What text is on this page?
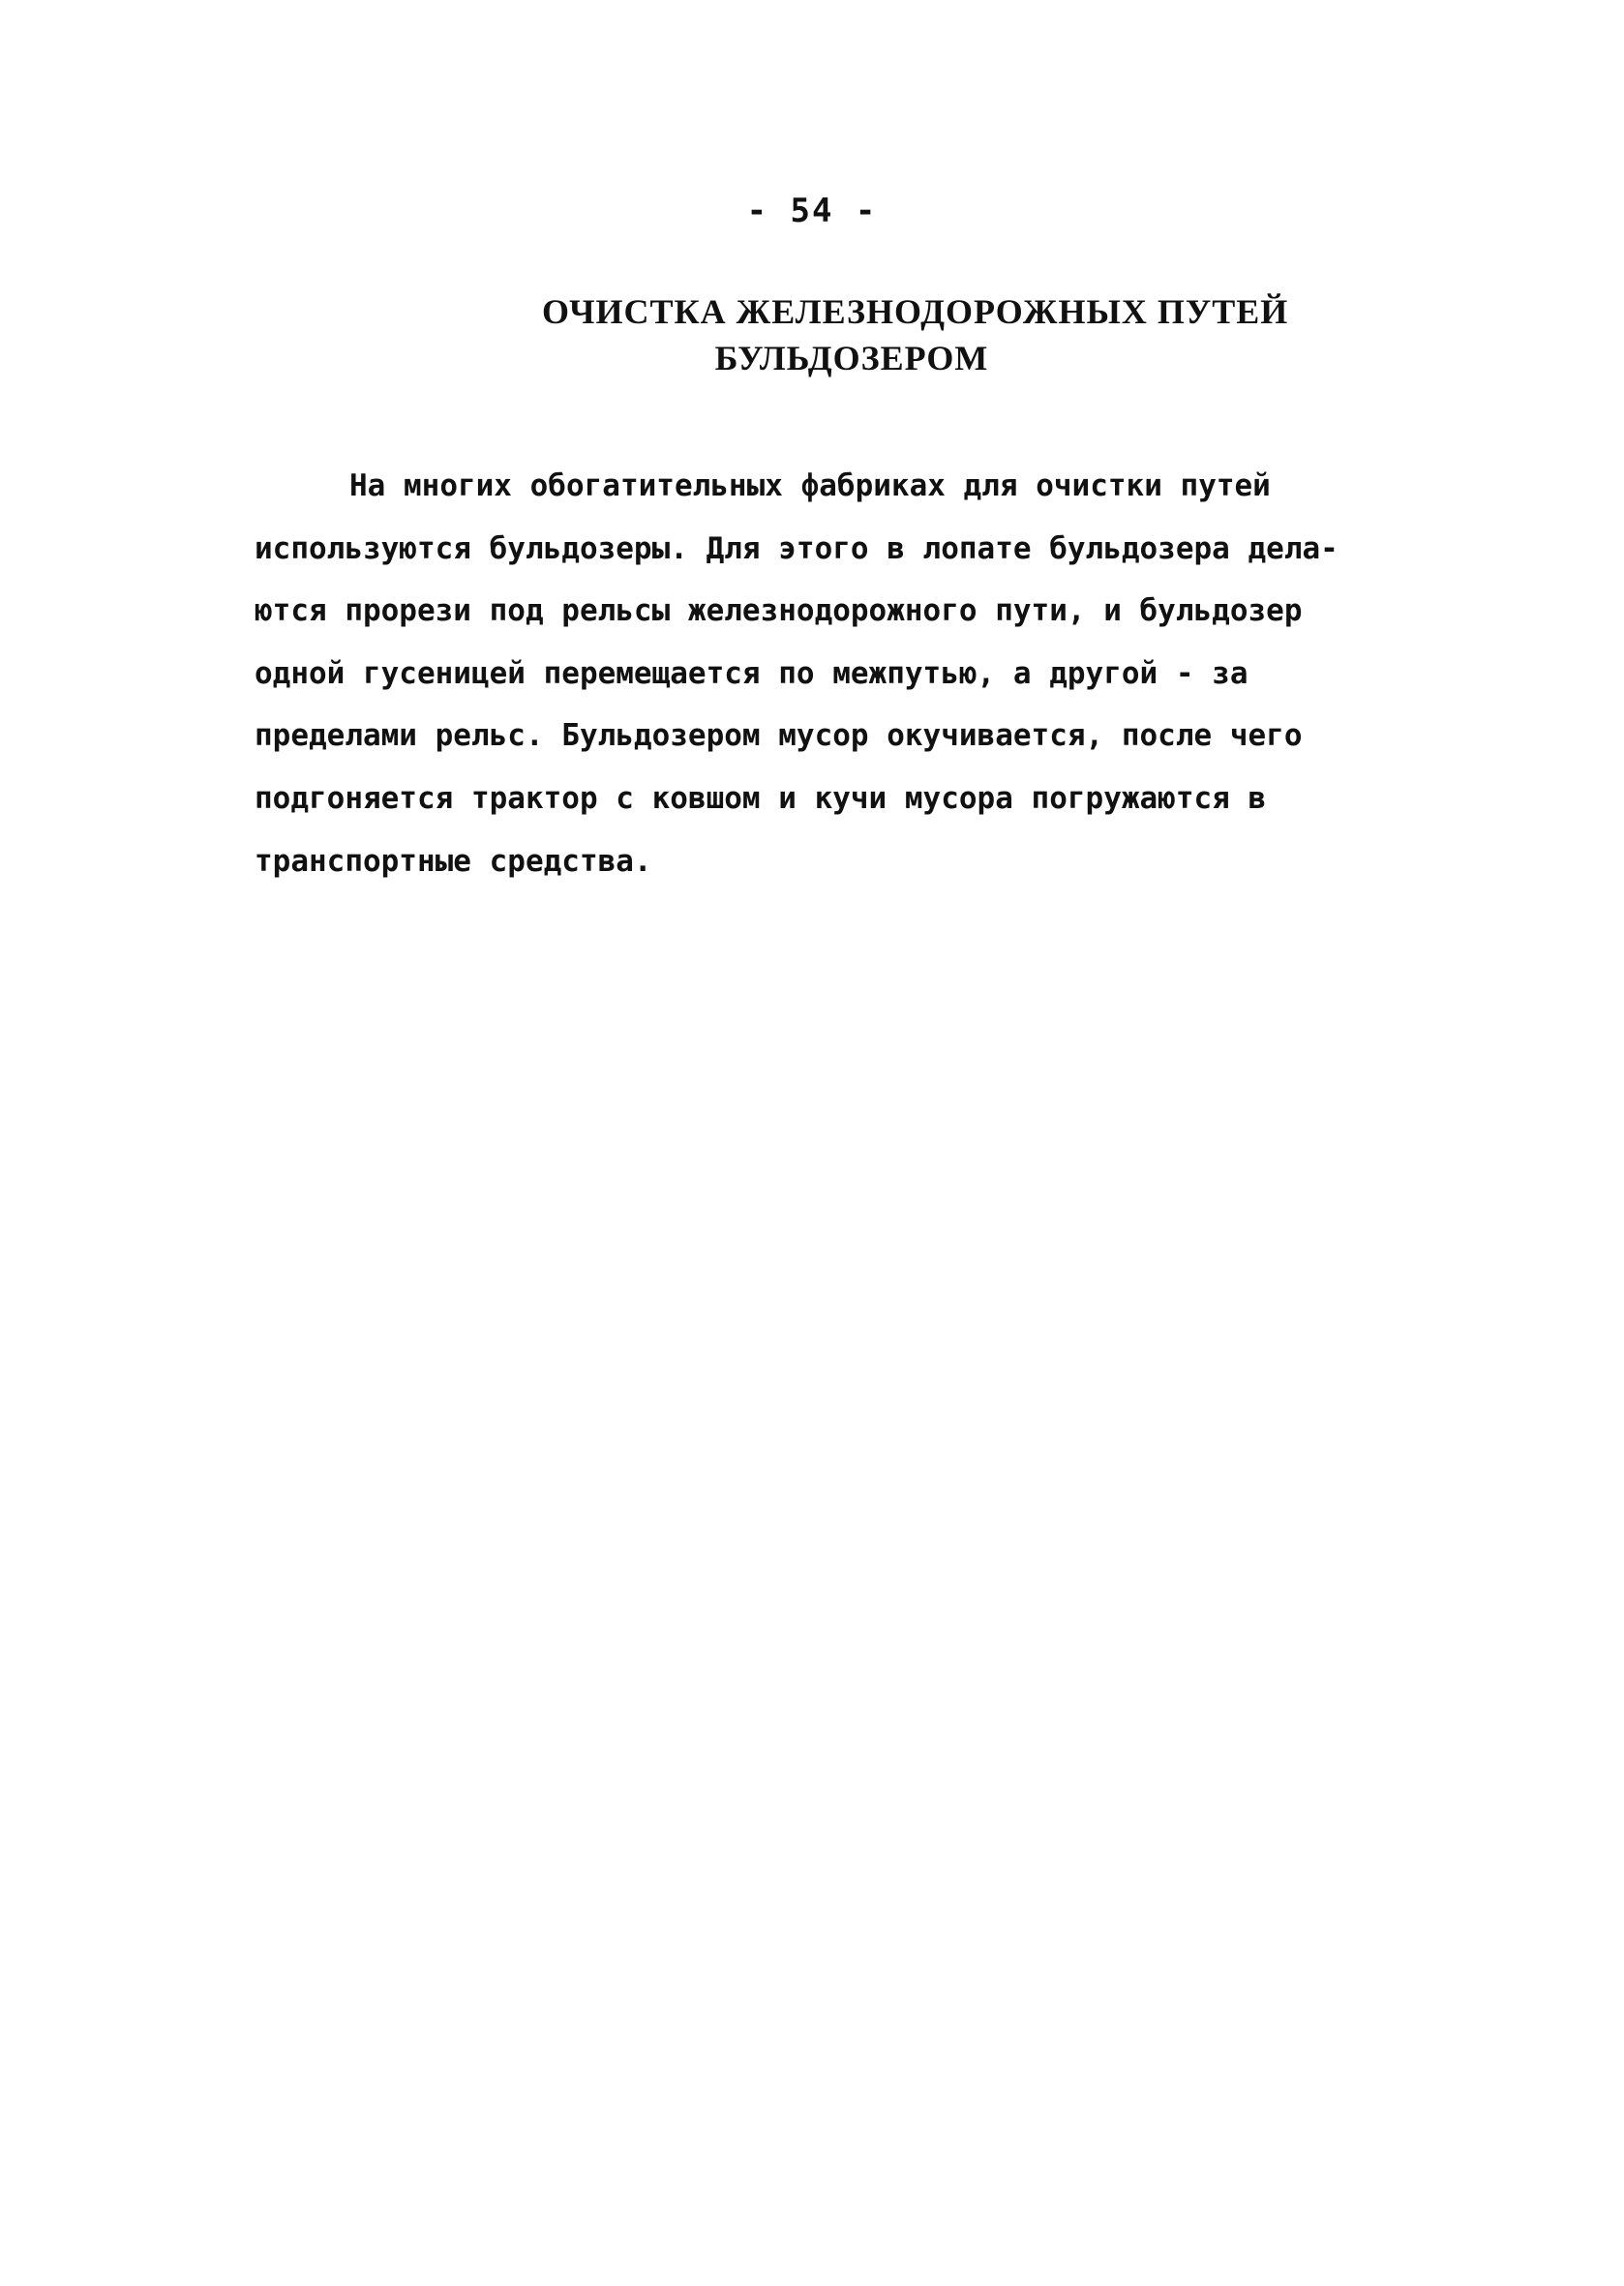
- 54 -
ОЧИСТКА ЖЕЛЕЗНОДОРОЖНЫХ ПУТЕЙ
БУЛЬДОЗЕРОМ
На многих обогатительных фабриках для очистки путей
используются бульдозеры. Для этого в лопате бульдозера дела-
ются прорези под рельсы железнодорожного пути, и бульдозер
одной гусеницей перемещается по межпутью, а другой - за
пределами рельс. Бульдозером мусор окучивается, после чего
подгоняется трактор с ковшом и кучи мусора погружаются в
транспортные средства.
